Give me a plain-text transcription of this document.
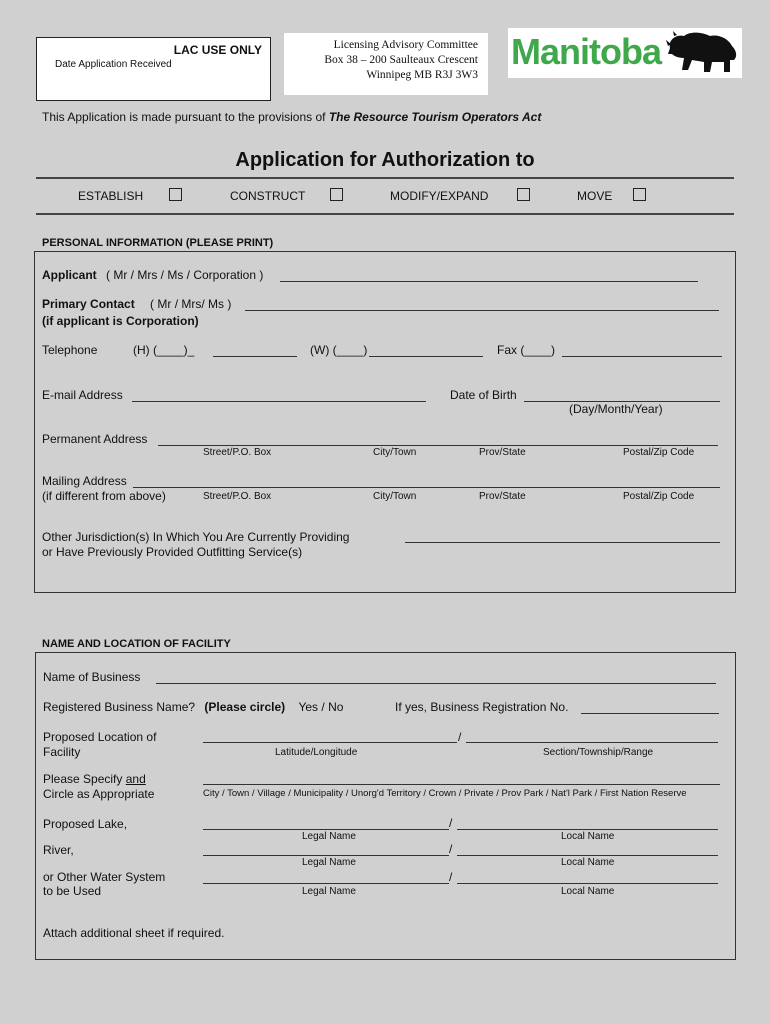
LAC USE ONLY
Date Application Received
Licensing Advisory Committee
Box 38 – 200 Saulteaux Crescent
Winnipeg MB R3J 3W3
Manitoba
This Application is made pursuant to the provisions of The Resource Tourism Operators Act
Application for Authorization to
ESTABLISH	CONSTRUCT	MODIFY/EXPAND	MOVE
PERSONAL INFORMATION (PLEASE PRINT)
Applicant ( Mr / Mrs / Ms / Corporation )
Primary Contact ( Mr / Mrs/ Ms )
(if applicant is Corporation)
Telephone	(H) (____)_	(W) (____)	Fax (____)
E-mail Address	Date of Birth
(Day/Month/Year)
Permanent Address
Street/P.O. Box	City/Town	Prov/State	Postal/Zip Code
Mailing Address
(if different from above)	Street/P.O. Box	City/Town	Prov/State	Postal/Zip Code
Other Jurisdiction(s) In Which You Are Currently Providing
or Have Previously Provided Outfitting Service(s)
NAME AND LOCATION OF FACILITY
Name of Business
Registered Business Name? (Please circle) Yes / No	If yes, Business Registration No.
Proposed Location of
Facility
/
Latitude/Longitude	Section/Township/Range
Please Specify and
Circle as Appropriate	City / Town / Village / Municipality / Unorg'd Territory / Crown / Private / Prov Park / Nat'l Park / First Nation Reserve
Proposed Lake,	/
Legal Name	Local Name
River,	/
Legal Name	Local Name
or Other Water System
to be Used
/
Legal Name	Local Name
Attach additional sheet if required.
